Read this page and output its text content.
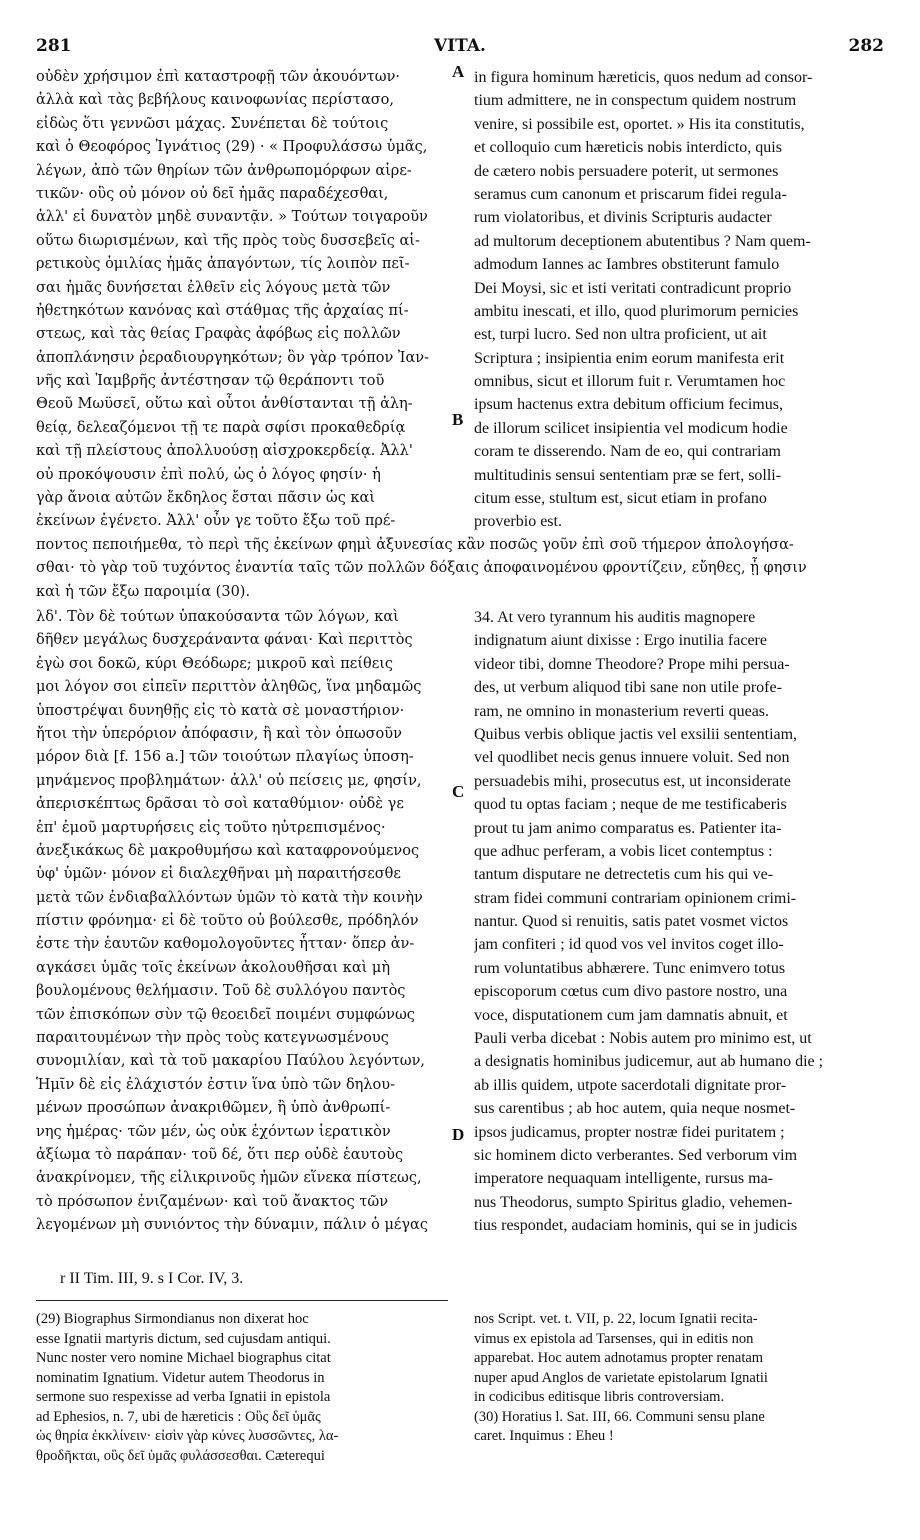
281	VITA.	282
A
B
C
D
οὐδὲν χρήσιμον ἐπὶ καταστροφῇ τῶν ἀκουόντων·
ἀλλὰ καὶ τὰς βεβήλους καινοφωνίας περίστασο,
εἰδὼς ὅτι γεννῶσι μάχας. Συνέπεται δὲ τούτοις
καὶ ὁ Θεοφόρος Ἰγνάτιος (29) · « Προφυλάσσω ὑμᾶς,
λέγων, ἀπὸ τῶν θηρίων τῶν ἀνθρωπομόρφων αἱρε-
τικῶν· οὓς οὐ μόνον οὐ δεῖ ἡμᾶς παραδέχεσθαι,
ἀλλ' εἰ δυνατὸν μηδὲ συναντᾷν. » Τούτων τοιγαροῦν
οὕτω διωρισμένων, καὶ τῆς πρὸς τοὺς δυσσεβεῖς αἱ-
ρετικοὺς ὁμιλίας ἡμᾶς ἀπαγόντων, τίς λοιπὸν πεῖ-
σαι ἡμᾶς δυνήσεται ἐλθεῖν εἰς λόγους μετὰ τῶν
ἠθετηκότων κανόνας καὶ στάθμας τῆς ἀρχαίας πί-
στεως, καὶ τὰς θείας Γραφὰς ἀφόβως εἰς πολλῶν
ἀποπλάνησιν ῥεραδιουργηκότων; ὃν γὰρ τρόπον Ἰαν-
νῆς καὶ Ἰαμβρῆς ἀντέστησαν τῷ θεράποντι τοῦ
Θεοῦ Μωϋσεῖ, οὕτω καὶ οὗτοι ἀνθίστανται τῇ ἀλη-
θείᾳ, δελεαζόμενοι τῇ τε παρὰ σφίσι προκαθεδρίᾳ
καὶ τῇ πλείστους ἀπολλυούσῃ αἰσχροκερδείᾳ. Ἀλλ'
οὐ προκόψουσιν ἐπὶ πολύ, ὡς ὁ λόγος φησίν· ἡ
γὰρ ἄνοια αὐτῶν ἔκδηλος ἔσται πᾶσιν ὡς καὶ
ἐκείνων ἐγένετο. Ἀλλ' οὖν γε τοῦτο ἔξω τοῦ πρέ-
in figura hominum hæreticis, quos nedum ad consor-
tium admittere, ne in conspectum quidem nostrum
venire, si possibile est, oportet. » His ita constitutis,
et colloquio cum hæreticis nobis interdicto, quis
de cætero nobis persuadere poterit, ut sermones
seramus cum canonum et priscarum fidei regula-
rum violatoribus, et divinis Scripturis audacter
ad multorum deceptionem abutentibus ? Nam quem-
admodum Iannes ac Iambres obstiterunt famulo
Dei Moysi, sic et isti veritati contradicunt proprio
ambitu inescati, et illo, quod plurimorum pernicies
est, turpi lucro. Sed non ultra proficient, ut ait
Scriptura ; insipientia enim eorum manifesta erit
omnibus, sicut et illorum fuit r. Verumtamen hoc
ipsum hactenus extra debitum officium fecimus,
de illorum scilicet insipientia vel modicum hodie
coram te disserendo. Nam de eo, qui contrariam
multitudinis sensui sententiam præ se fert, solli-
citum esse, stultum est, sicut etiam in profano
proverbio est.
ποντος πεποιήμεθα, τὸ περὶ τῆς ἐκείνων φημὶ ἀξυνεσίας κἂν ποσῶς γοῦν ἐπὶ σοῦ τήμερον ἀπολογήσα-
σθαι· τὸ γὰρ τοῦ τυχόντος ἐναντία ταῖς τῶν πολλῶν δόξαις ἀποφαινομένου φροντίζειν, εὔηθες, ᾗ φησιν
καὶ ἡ τῶν ἔξω παροιμία (30).
λδ'. Τὸν δὲ τούτων ὑπακούσαντα τῶν λόγων, καὶ
δῆθεν μεγάλως δυσχεράναντα φάναι· Καὶ περιττὸς
ἐγὼ σοι δοκῶ, κύρι Θεόδωρε; μικροῦ καὶ πείθεις
μοι λόγον σοι εἰπεῖν περιττὸν ἀληθῶς, ἵνα μηδαμῶς
ὑποστρέψαι δυνηθῇς εἰς τὸ κατὰ σὲ μοναστήριον·
ἤτοι τὴν ὑπερόριον ἀπόφασιν, ἢ καὶ τὸν ὁπωσοῦν
μόρον διὰ [f. 156 a.] τῶν τοιούτων πλαγίως ὑποση-
μηνάμενος προβλημάτων· ἀλλ' οὐ πείσεις με, φησίν,
ἀπερισκέπτως δρᾶσαι τὸ σοὶ καταθύμιον· οὐδὲ γε
ἐπ' ἐμοῦ μαρτυρήσεις εἰς τοῦτο ηὐτρεπισμένος·
ἀνεξικάκως δὲ μακροθυμήσω καὶ καταφρονούμενος
ὑφ' ὑμῶν· μόνον εἰ διαλεχθῆναι μὴ παραιτήσεσθε
μετὰ τῶν ἐνδιαβαλλόντων ὑμῶν τὸ κατὰ τὴν κοινὴν
πίστιν φρόνημα· εἰ δὲ τοῦτο οὐ βούλεσθε, πρόδηλόν
ἐστε τὴν ἑαυτῶν καθομολογοῦντες ἧτταν· ὅπερ ἀν-
αγκάσει ὑμᾶς τοῖς ἐκείνων ἀκολουθῆσαι καὶ μὴ
βουλομένους θελήμασιν. Τοῦ δὲ συλλόγου παντὸς
τῶν ἐπισκόπων σὺν τῷ θεοειδεῖ ποιμένι συμφώνως
παραιτουμένων τὴν πρὸς τοὺς κατεγνωσμένους
συνομιλίαν, καὶ τὰ τοῦ μακαρίου Παύλου λεγόντων,
Ἡμῖν δὲ εἰς ἐλάχιστόν ἐστιν ἵνα ὑπὸ τῶν δηλου-
μένων προσώπων ἀνακριθῶμεν, ἢ ὑπὸ ἀνθρωπί-
νης ἡμέρας· τῶν μέν, ὡς οὐκ ἐχόντων ἱερατικὸν
ἀξίωμα τὸ παράπαν· τοῦ δέ, ὅτι περ οὐδὲ ἑαυτοὺς
ἀνακρίνομεν, τῆς εἰλικρινοῦς ἡμῶν εἵνεκα πίστεως,
τὸ πρόσωπον ἐνιζαμένων· καὶ τοῦ ἄνακτος τῶν
λεγομένων μὴ συνιόντος τὴν δύναμιν, πάλιν ὁ μέγας
34. At vero tyrannum his auditis magnopere
indignatum aiunt dixisse : Ergo inutilia facere
videor tibi, domne Theodore? Prope mihi persua-
des, ut verbum aliquod tibi sane non utile profe-
ram, ne omnino in monasterium reverti queas.
Quibus verbis oblique jactis vel exsilii sententiam,
vel quodlibet necis genus innuere voluit. Sed non
persuadebis mihi, prosecutus est, ut inconsiderate
quod tu optas faciam ; neque de me testificaberis
prout tu jam animo comparatus es. Patienter ita-
que adhuc perferam, a vobis licet contemptus :
tantum disputare ne detrectetis cum his qui ve-
stram fidei communi contrariam opinionem crimi-
nantur. Quod si renuitis, satis patet vosmet victos
jam confiteri ; id quod vos vel invitos coget illo-
rum voluntatibus abhærere. Tunc enimvero totus
episcoporum cœtus cum divo pastore nostro, una
voce, disputationem cum jam damnatis abnuit, et
Pauli verba dicebat : Nobis autem pro minimo est, ut
a designatis hominibus judicemur, aut ab humano die ;
ab illis quidem, utpote sacerdotali dignitate pror-
sus carentibus ; ab hoc autem, quia neque nosmet-
ipsos judicamus, propter nostræ fidei puritatem ;
sic hominem dicto verberantes. Sed verborum vim
imperatore nequaquam intelligente, rursus ma-
nus Theodorus, sumpto Spiritus gladio, vehemen-
tius respondet, audaciam hominis, qui se in judicis
r II Tim. III, 9. s I Cor. IV, 3.
(29) Biographus Sirmondianus non dixerat hoc
esse Ignatii martyris dictum, sed cujusdam antiqui.
Nunc noster vero nomine Michael biographus citat
nominatim Ignatium. Videtur autem Theodorus in
sermone suo respexisse ad verba Ignatii in epistola
ad Ephesios, n. 7, ubi de hæreticis : Οὓς δεῖ ὑμᾶς
ὡς θηρία ἐκκλίνειν· εἰσὶν γὰρ κύνες λυσσῶντες, λα-
θροδῆκται, οὓς δεῖ ὑμᾶς φυλάσσεσθαι. Cæterequi
nos Script. vet. t. VII, p. 22, locum Ignatii recita-
vimus ex epistola ad Tarsenses, qui in editis non
apparebat. Hoc autem adnotamus propter renatam
nuper apud Anglos de varietate epistolarum Ignatii
in codicibus editisque libris controversiam.
(30) Horatius l. Sat. III, 66. Communi sensu plane
caret. Inquimus : Eheu !
